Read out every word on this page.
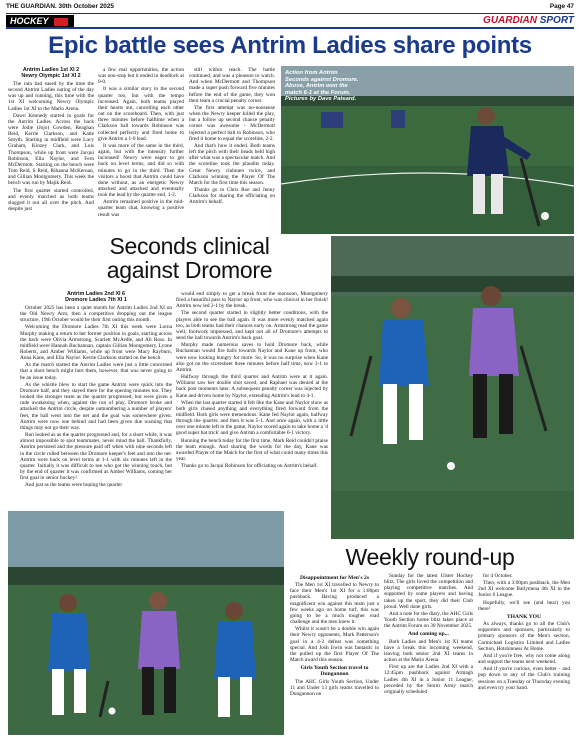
THE GUARDIAN. 30th October 2025	Page 47
HOCKEY	GUARDIAN SPORT
Epic battle sees Antrim Ladies share points
Antrim Ladies 1st XI 2
Newry Olympic 1st XI 2

The rain had eased by the time the second Antrim Ladies outing of the day was up and running, this time with the 1st XI welcoming Newry Olympic Ladies 1st XI to the Marlo Arena.

Dawn Kennedy started in goals for the Antrim Ladies. Across the back were Jodie (Jojo) Cowden, Reaghan Reid, Kerrie Clarkson, and Katie Smyth. Starting in midfield were Lucy Graham, Kinzey Clark, and Lois Thompson, while up front were Jacqui Robinson, Ella Naylor, and Fern McDermott. Starting on the bench were Tom Reid, S Reid, Rihanna McKernan, and Gillian Montgomery. This week the bench was run by Majik Reid.

The first quarter started controlled, and evenly matched as both teams slugged it out all over the pitch. And despite just

a few real opportunities, the action was non-stop but it ended in deadlock at 0-0.

It was a similar story in the second quarter too, but with the tempo increased. Again, both teams played their hearts out, cancelling each other out on the scoreboard. Then, with just three minutes before halftime when a Clarkson ball towards Robinson was collected perfectly and fired home to give Antrim a 1-0 lead.

It was more of the same in the third, again, but with the intensity further increased! Newry were eager to get back on level terms, and did so with minutes to go in the third. Then the visitors a boost that Antrim could have done without, as an energetic Newry attacked and attacked and eventually took the lead by the quarter end, 1-2.

Antrim remained positive in the mid-quarter team chat, knowing a positive result was

still within reach. The battle continued, and was a pleasure to watch. And when McDermott and Thompson made a super push forward five minutes before the end of the game, they won their team a crucial penalty corner.

The first attempt was no-nonsense when the Newry keeper killed the play, but a follow up second chance penalty corner was awesome - McDermott injected a perfect ball to Robinson, who fired it home to equal the scoreline, 2-2.

And that's how it ended. Both teams left the pitch with their heads held high after what was a spectacular match. And the scoreline took the plaudits today. Great Newry clubmen twice, and Clarkson winning the Player Of The Match for the first time this season.

Thanks go to Chris Roe and Jenny Clarkson for sharing the officiating on Antrim's behalf.

Action from Antrim Seconds against Dromore. Above, Antrim won the match 6-1 at the Forum. Pictures by Dave Pateard.
Seconds clinical against Dromore
Antrim Ladies 2nd XI 6
Dromore Ladies 7th XI 1

October 2025 has been a quiet month for Antrim Ladies 2nd XI on the Old Newry Arm, then a competitive dropping out the league structure, 19th October would be their first outing this month.

Welcoming the Dromore Ladies 7th XI this week were Lorna Murphy making a return to her former position in goals, starting across the back were Olivia Armstrong, Scarlett McArdle, and Ali Ross. In midfield were Hannah Buchannan, captain Gillian Montgomery, Lynne Roberts, and Amber Williams, while up front were Macy Rayburn, Anna Kane, and Ella Naylor. Kerrie Clarkson started on the bench.

As the match started the Antrim Ladies were just a little concerned that a short bench might hurt them, however, that was never going to be an issue today.

As the whistle blew to start the game Antrim were quick into the Dromore half, and they stayed there for the opening minutes too. They looked the stronger team as the quarter progressed, but were given a rude awakening when, against the run of play, Dromore broke and attacked the Antrim circle, despite outnumbering a number of players' feet, the ball went into the net and the goal was somewhere given. Antrim were now one behind and had been given due warning that things may not go their way.

Run looked as as the quarter progressed and, for a short while, it was almost impossible to spot teammates, never mind the ball. Thankfully, Antrim persisted and the pressure paid off when with nine seconds left in the circle rolled between the Dromore keeper's feet and into the net. Antrim were back on level terms at 1-1 with six minutes left in the quarter. Initially it was difficult to see who got the winning touch, but by the end of quarter it was confirmed as Amber Williams, coming her first goal in senior hockey!

And just as the teams were hoping the quarter

would end simply to get a break from the monsoon, Montgomery fired a beautiful pass to Naylor up front, who was clinical in her finish! Antrim now led 2-1 by the break.

The second quarter started in slightly better conditions, with the players able to see the ball again. It was more evenly matched again too, as both teams had their chances early on. Armstrong read the game well, footwork impressed, and kept out all of Dromore's attempts to send the ball towards Antrim's back goal.

Murphy made numerous saves to hold Dromore back, while Buchannan would fire balls towards Naylor and Kane up front, who were now looking hungry for more. So, it was no surprise when Kane also got on the scoresheet three minutes before half time, now 3-1 to Antrim.

Halfway through the third quarter and Antrim were at it again. Williams saw her double shot saved, and Raphael was denied at the back post moments later. A subsequent penalty corner was injected by Kane and driven home by Naylor, extending Antrim's lead to 4-1.

When the last quarter started it felt like the Kane and Naylor show as both girls chased anything and everything fired forward from the midfield. Both girls were tremendous. Kane fed Naylor again, halfway through the quarter, and then it was 5-1. And once again, with a little over one minute left in the game, Naylor scored again to take home a 'd good super hat trick' and give Antrim a comfortable 6-1 victory.

Running the bench today for the first time, Mark Reid couldn't praise the team enough. And sharing the words for the day, Kane was awarded Player of the Match for the first of what could many times this year.

Thanks go to Jacqui Robinson for officiating on Antrim's behalf.

Weekly round-up
Disappointment for Men's 2s

The Men 1st XI travelled to Newry to face their Men's 1st XI for a 1:00pm pushback. Having produced a magnificent win against this team just a few weeks ago on home turf, this was going to be a much tougher road challenge and the men knew it.

Whilst it wasn't be a double win again their Newry opponents, Mark Patterson's goal in a 4-2 defeat was something special. And Josh Irwin was fantastic in the pulled up the first Player Of The Match award this season.

Girls Youth Section travel to Dungannon

The AHC Girls Youth Section, Under 11 and Under 13 girls teams travelled to Dungannon on

Sunday for the latest Ulster Hockey blitz. The girls loved the competition and playing competitive matches. And supported by some players and having taken up the sport, they did their Club proud. Well done girls.

And a note for the diary, the AHC Girls Youth Section home blitz takes place at the Antrim Forum on 30 November 2025.

And coming up...

Both Ladies and Men's 1st XI teams have a break this incoming weekend, leaving both senior 2nd XI teams in action at the Marlo Arena.

First up are the Ladies 2nd XI with a 12:45pm pushback against Armagh Ladies 4th XI in a Junior 11 League, preceded by the Storm Army match originally scheduled

for 4 October.

Then, with a 3:00pm pushback, the Men 2nd XI welcome Ballymena 4th XI in the Junior 6 League.

Hopefully, we'll see (and hear) you there!

THANK YOU

As always, thanks go to all the Club's supporters and sponsors, particularly to primary sponsors of the Men's section, Carmichael Logistics Limited and Ladies Section, Hotshinness At Home.

And if you're free, why not come along and support the teams next weekend.

And if you're curious, even better - and pop down to any of the Club's training sessions on a Tuesday or Thursday evening and even try your hand.
